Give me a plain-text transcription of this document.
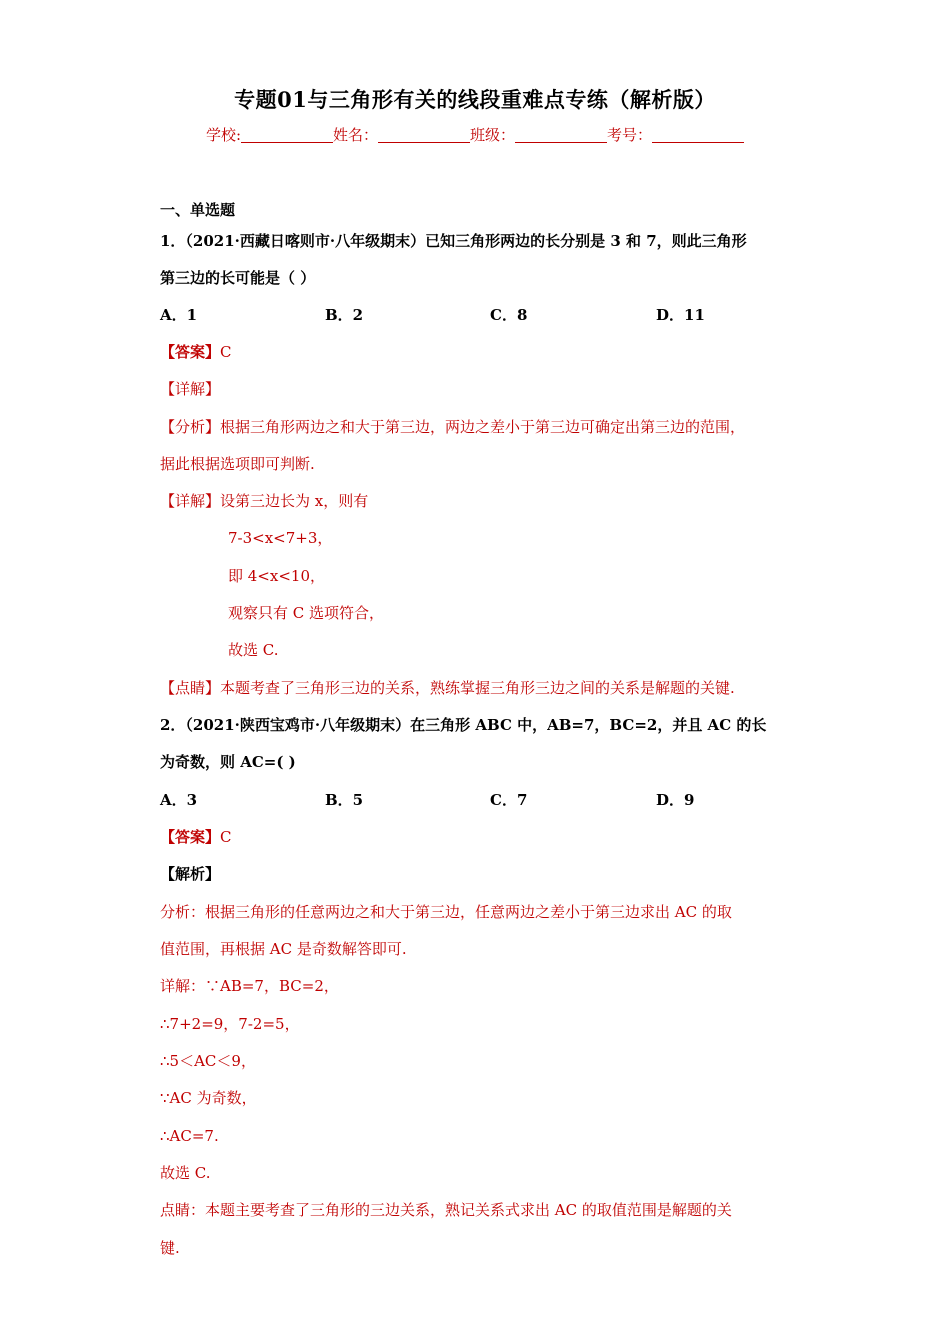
专题01与三角形有关的线段重难点专练（解析版）
学校:	姓名：	班级：	考号：
一、单选题
1．（2021·西藏日喀则市·八年级期末）已知三角形两边的长分别是 3 和 7，则此三角形
第三边的长可能是（ ）
A．1	B．2	C．8	D．11
【答案】C
【详解】
【分析】根据三角形两边之和大于第三边，两边之差小于第三边可确定出第三边的范围，
据此根据选项即可判断.
【详解】设第三边长为 x，则有
7-3<x<7+3，
即 4<x<10，
观察只有 C 选项符合，
故选 C.
【点睛】本题考查了三角形三边的关系，熟练掌握三角形三边之间的关系是解题的关键.
2．（2021·陕西宝鸡市·八年级期末）在三角形 ABC 中，AB=7，BC=2，并且 AC 的长
为奇数，则 AC=( )
A．3	B．5	C．7	D．9
【答案】C
【解析】
分析：根据三角形的任意两边之和大于第三边，任意两边之差小于第三边求出 AC 的取
值范围，再根据 AC 是奇数解答即可.
详解：∵AB=7，BC=2，
∴7+2=9，7-2=5，
∴5＜AC＜9，
∵AC 为奇数，
∴AC=7.
故选 C.
点睛：本题主要考查了三角形的三边关系，熟记关系式求出 AC 的取值范围是解题的关
键.
